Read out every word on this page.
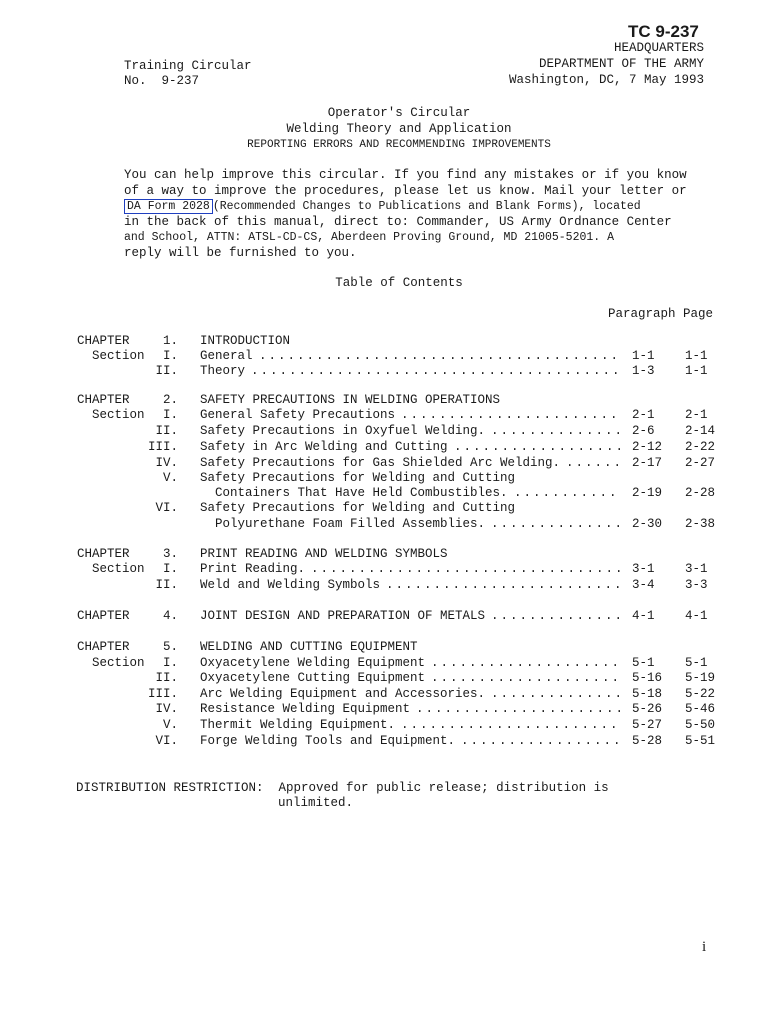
TC 9-237
HEADQUARTERS
DEPARTMENT OF THE ARMY
Washington, DC, 7 May 1993
Training Circular
No.  9-237
Operator's Circular
Welding Theory and Application
REPORTING ERRORS AND RECOMMENDING IMPROVEMENTS
You can help improve this circular. If you find any mistakes or if you know
of a way to improve the procedures, please let us know. Mail your letter or
DA Form 2028 (Recommended Changes to Publications and Blank Forms), located
in the back of this manual, direct to: Commander, US Army Ordnance Center
and School, ATTN: ATSL-CD-CS, Aberdeen Proving Ground, MD 21005-5201. A
reply will be furnished to you.
Table of Contents
Paragraph Page
CHAPTER	1. INTRODUCTION
Section I. General ...................................... 1-1 1-1
II. Theory ....................................... 1-3 1-1
CHAPTER	2. SAFETY PRECAUTIONS IN WELDING OPERATIONS
Section I. General Safety Precautions ....................... 2-1 2-1
II. Safety Precautions in Oxyfuel Welding. .............. 2-6 2-14
III. Safety in Arc Welding and Cutting .................. 2-12 2-22
IV. Safety Precautions for Gas Shielded Arc Welding. ...... 2-17 2-27
V. Safety Precautions for Welding and Cutting
Containers That Have Held Combustibles. ........... 2-19 2-28
VI. Safety Precautions for Welding and Cutting
Polyurethane Foam Filled Assemblies. .............. 2-30 2-38
CHAPTER	3. PRINT READING AND WELDING SYMBOLS
Section I. Print Reading. ................................. 3-1 3-1
II. Weld and Welding Symbols ......................... 3-4 3-3
CHAPTER	4. JOINT DESIGN AND PREPARATION OF METALS .............. 4-1 4-1
CHAPTER	5. WELDING AND CUTTING EQUIPMENT
Section I. Oxyacetylene Welding Equipment .................... 5-1 5-1
II. Oxyacetylene Cutting Equipment .................... 5-16 5-19
III. Arc Welding Equipment and Accessories. .............. 5-18 5-22
IV. Resistance Welding Equipment ...................... 5-26 5-46
V. Thermit Welding Equipment. ....................... 5-27 5-50
VI. Forge Welding Tools and Equipment. ................. 5-28 5-51
DISTRIBUTION RESTRICTION: Approved for public release; distribution is
unlimited.
i
